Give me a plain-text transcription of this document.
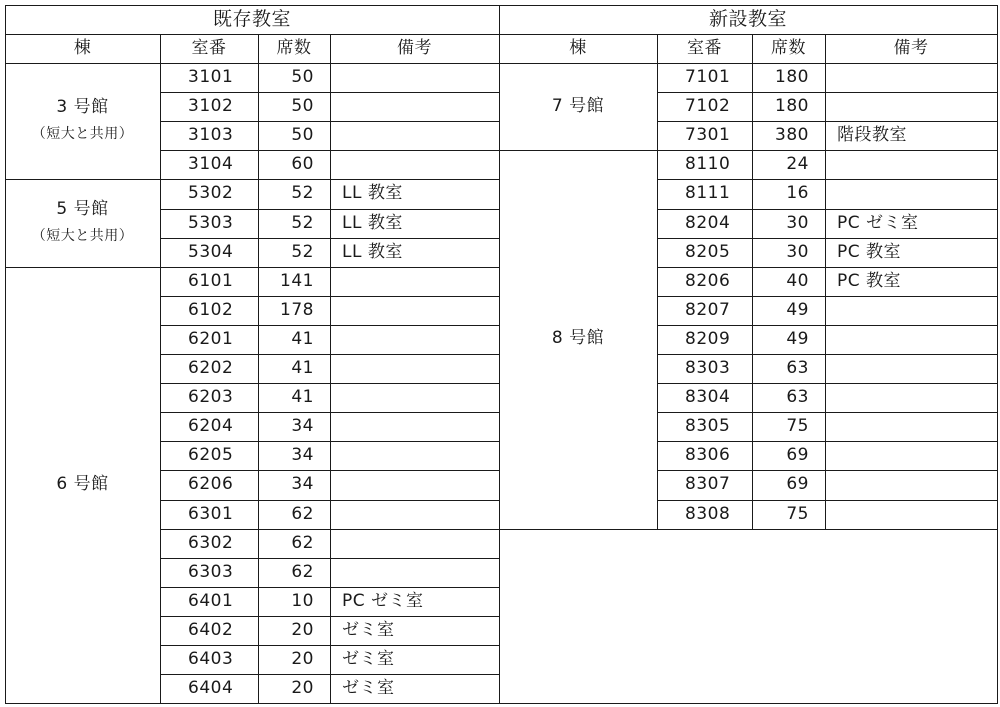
既存教室
棟	室番	席数	備考
3 号館
（短大と共用）
3101	50
3102	50
3103	50
3104	60
5 号館
（短大と共用）
5302	52 LL 教室
5303	52 LL 教室
5304	52 LL 教室
6 号館
6101	141
6102	178
6201	41
6202	41
6203	41
6204	34
6205	34
6206	34
6301	62
6302	62
6303	62
6401	10 PC ゼミ室
6402	20 ゼミ室
6403	20 ゼミ室
6404	20 ゼミ室
新設教室
棟	室番	席数	備考
7 号館
7101	180
7102	180
7301	380 階段教室
8 号館
8110	24
8111	16
8204	30 PC ゼミ室
8205	30 PC 教室
8206	40 PC 教室
8207	49
8209	49
8303	63
8304	63
8305	75
8306	69
8307	69
8308	75
